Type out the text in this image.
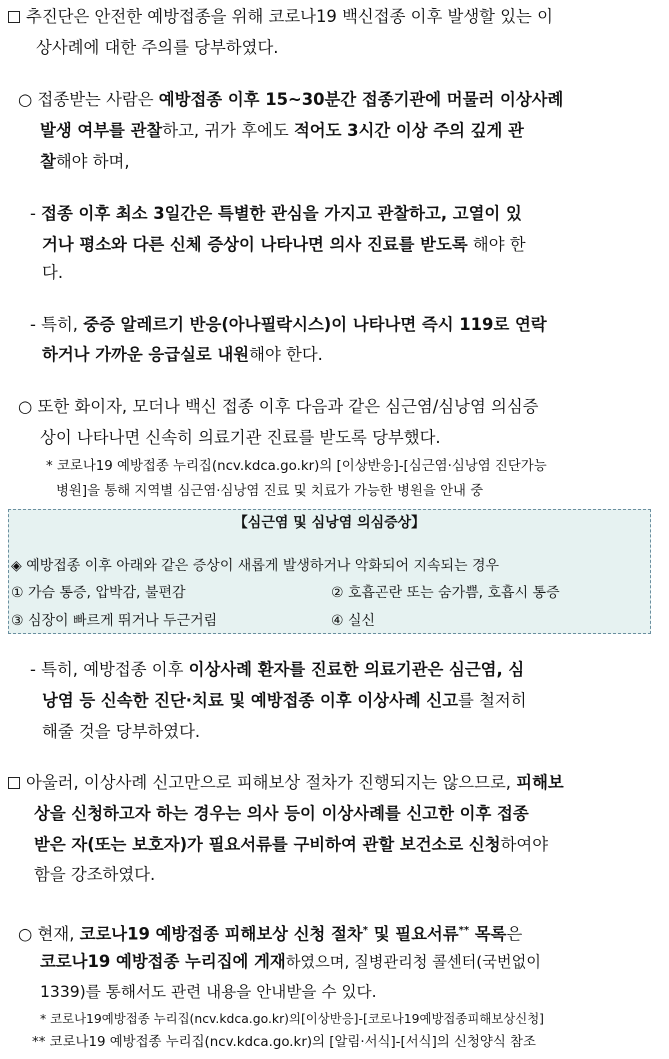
추진단은 안전한 예방접종을 위해 코로나19 백신접종 이후 발생할 있는 이
상사례에 대한 주의를 당부하였다.
○ 접종받는 사람은 예방접종 이후 15~30분간 접종기관에 머물러 이상사례
발생 여부를 관찰하고, 귀가 후에도 적어도 3시간 이상 주의 깊게 관
찰해야 하며,
- 접종 이후 최소 3일간은 특별한 관심을 가지고 관찰하고, 고열이 있
거나 평소와 다른 신체 증상이 나타나면 의사 진료를 받도록 해야 한
다.
- 특히, 중증 알레르기 반응(아나필락시스)이 나타나면 즉시 119로 연락
하거나 가까운 응급실로 내원해야 한다.
○ 또한 화이자, 모더나 백신 접종 이후 다음과 같은 심근염/심낭염 의심증
상이 나타나면 신속히 의료기관 진료를 받도록 당부했다.
* 코로나19 예방접종 누리집(ncv.kdca.go.kr)의 [이상반응]-[심근염·심낭염 진단가능
병원]을 통해 지역별 심근염·심낭염 진료 및 치료가 가능한 병원을 안내 중
【심근염 및 심낭염 의심증상】
◈ 예방접종 이후 아래와 같은 증상이 새롭게 발생하거나 악화되어 지속되는 경우
① 가슴 통증, 압박감, 불편감	② 호흡곤란 또는 숨가쁨, 호흡시 통증
③ 심장이 빠르게 뛰거나 두근거림	④ 실신
- 특히, 예방접종 이후 이상사례 환자를 진료한 의료기관은 심근염, 심
낭염 등 신속한 진단·치료 및 예방접종 이후 이상사례 신고를 철저히
해줄 것을 당부하였다.
아울러, 이상사례 신고만으로 피해보상 절차가 진행되지는 않으므로, 피해보
상을 신청하고자 하는 경우는 의사 등이 이상사례를 신고한 이후 접종
받은 자(또는 보호자)가 필요서류를 구비하여 관할 보건소로 신청하여야
함을 강조하였다.
○ 현재, 코로나19 예방접종 피해보상 신청 절차* 및 필요서류** 목록은
코로나19 예방접종 누리집에 게재하였으며, 질병관리청 콜센터(국번없이
1339)를 통해서도 관련 내용을 안내받을 수 있다.
* 코로나19예방접종 누리집(ncv.kdca.go.kr)의[이상반응]-[코로나19예방접종피해보상신청]
** 코로나19 예방접종 누리집(ncv.kdca.go.kr)의 [알림·서식]-[서식]의 신청양식 참조
